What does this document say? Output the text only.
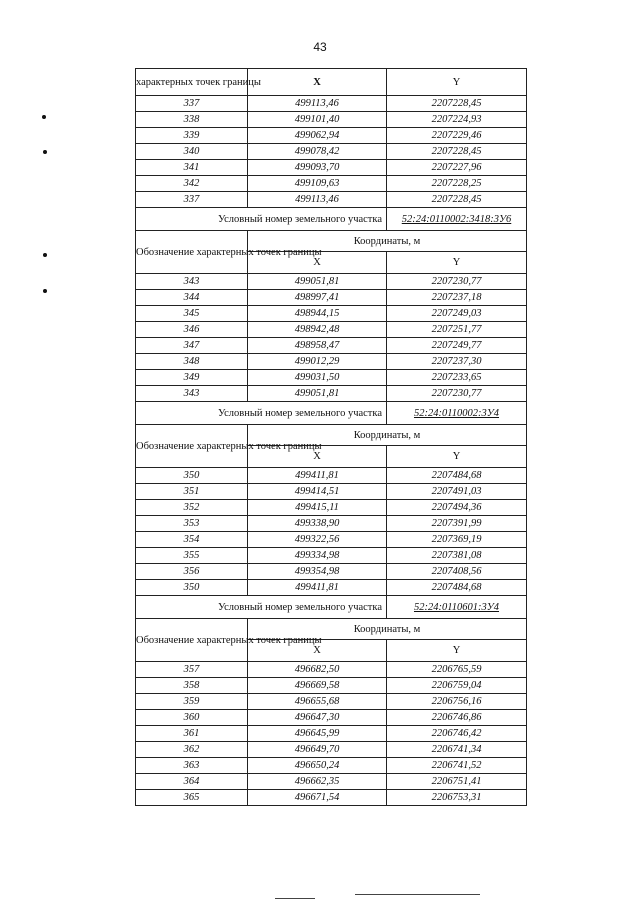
43
характерных точек границы	X	Y
337	499113,46	2207228,45
338	499101,40	2207224,93
339	499062,94	2207229,46
340	499078,42	2207228,45
341	499093,70	2207227,96
342	499109,63	2207228,25
337	499113,46	2207228,45
Условный номер земельного участка		52:24:0110002:3418:3У6
Обозначение характерных точек границы	Координаты, м	
	X	Y
343	499051,81	2207230,77
344	498997,41	2207237,18
345	498944,15	2207249,03
346	498942,48	2207251,77
347	498958,47	2207249,77
348	499012,29	2207237,30
349	499031,50	2207233,65
343	499051,81	2207230,77
Условный номер земельного участка		52:24:0110002:3У4
Обозначение характерных точек границы	Координаты, м	
	X	Y
350	499411,81	2207484,68
351	499414,51	2207491,03
352	499415,11	2207494,36
353	499338,90	2207391,99
354	499322,56	2207369,19
355	499334,98	2207381,08
356	499354,98	2207408,56
350	499411,81	2207484,68
Условный номер земельного участка		52:24:0110601:3У4
Обозначение характерных точек границы	Координаты, м	
	X	Y
357	496682,50	2206765,59
358	496669,58	2206759,04
359	496655,68	2206756,16
360	496647,30	2206746,86
361	496645,99	2206746,42
362	496649,70	2206741,34
363	496650,24	2206741,52
364	496662,35	2206751,41
365	496671,54	2206753,31
